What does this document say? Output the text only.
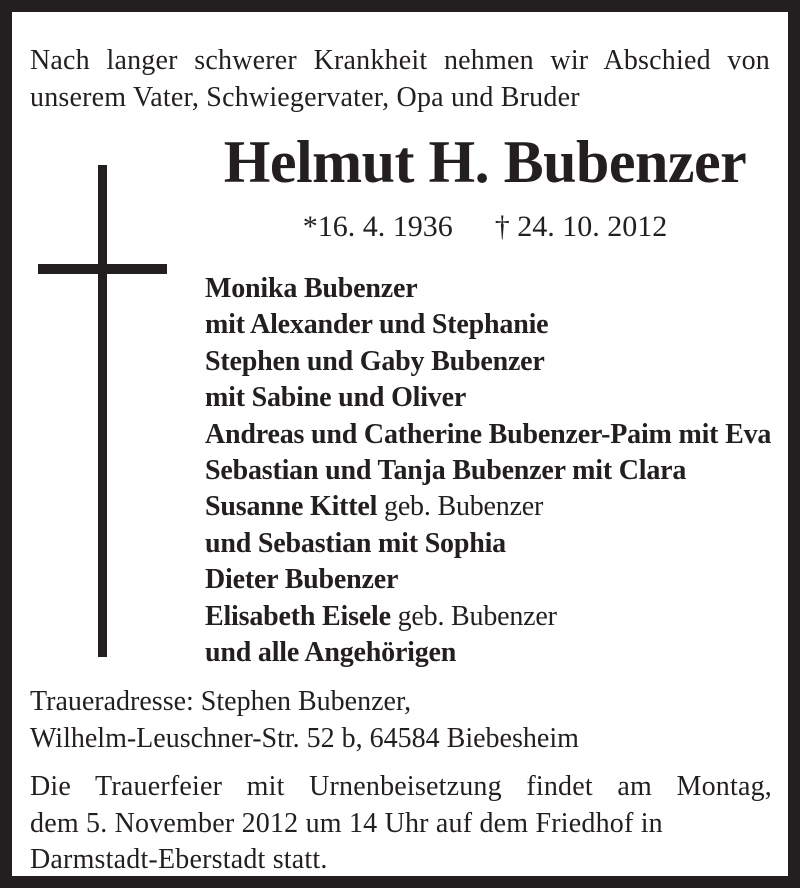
Nach langer schwerer Krankheit nehmen wir Abschied von
unserem Vater, Schwiegervater, Opa und Bruder
Helmut H. Bubenzer
*16. 4. 1936 † 24. 10. 2012
Monika Bubenzer
mit Alexander und Stephanie
Stephen und Gaby Bubenzer
mit Sabine und Oliver
Andreas und Catherine Bubenzer-Paim mit Eva
Sebastian und Tanja Bubenzer mit Clara
Susanne Kittel geb. Bubenzer
und Sebastian mit Sophia
Dieter Bubenzer
Elisabeth Eisele geb. Bubenzer
und alle Angehörigen
Traueradresse: Stephen Bubenzer,
Wilhelm-Leuschner-Str. 52 b, 64584 Biebesheim
Die Trauerfeier mit Urnenbeisetzung findet am Montag,
dem 5. November 2012 um 14 Uhr auf dem Friedhof in
Darmstadt-Eberstadt statt.
